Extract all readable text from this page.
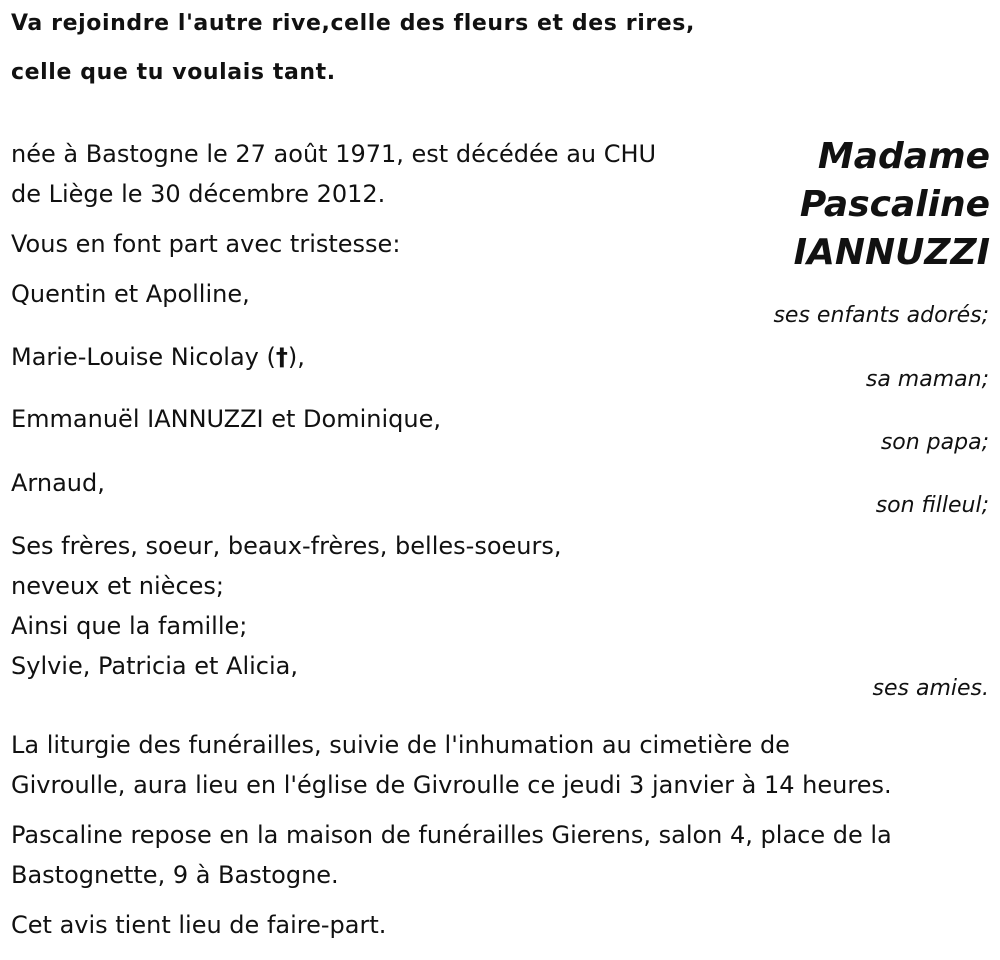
Va rejoindre l'autre rive,celle des fleurs et des rires,
celle que tu voulais tant.
Madame
Pascaline
IANNUZZI
née à Bastogne le 27 août 1971, est décédée au CHU
de Liège le 30 décembre 2012.
Vous en font part avec tristesse:
Quentin et Apolline,
ses enfants adorés;
Marie-Louise Nicolay (†),
sa maman;
Emmanuël IANNUZZI et Dominique,
son papa;
Arnaud,
son filleul;
Ses frères, soeur, beaux-frères, belles-soeurs,
neveux et nièces;
Ainsi que la famille;
Sylvie, Patricia et Alicia,
ses amies.
La liturgie des funérailles, suivie de l'inhumation au cimetière de
Givroulle, aura lieu en l'église de Givroulle ce jeudi 3 janvier à 14 heures.
Pascaline repose en la maison de funérailles Gierens, salon 4, place de la
Bastognette, 9 à Bastogne.
Cet avis tient lieu de faire-part.
